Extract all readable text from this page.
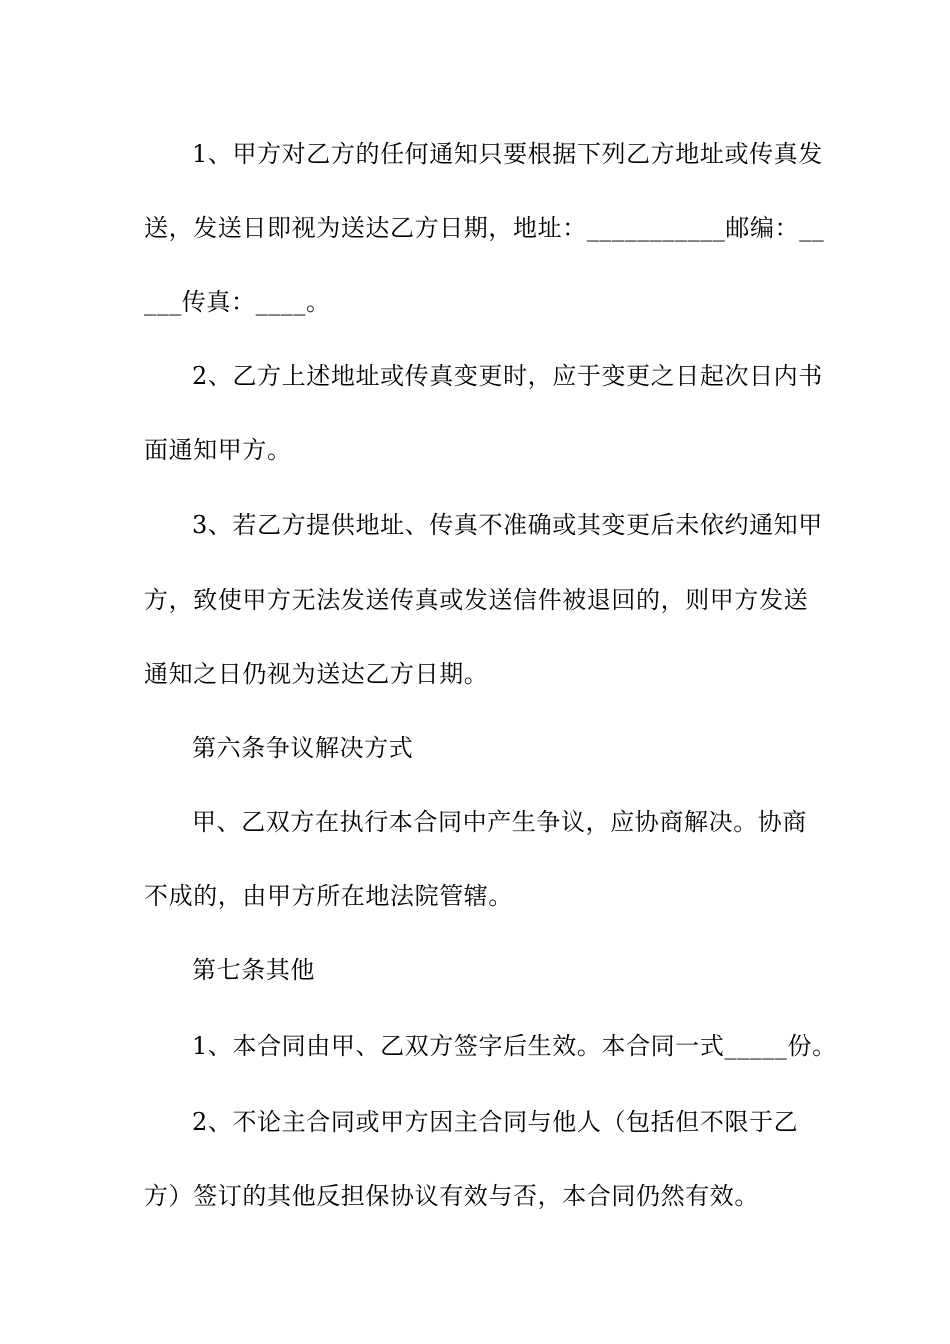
1、甲方对乙方的任何通知只要根据下列乙方地址或传真发
送，发送日即视为送达乙方日期，地址：___________邮编：__
___传真：____。
2、乙方上述地址或传真变更时，应于变更之日起次日内书
面通知甲方。
3、若乙方提供地址、传真不准确或其变更后未依约通知甲
方，致使甲方无法发送传真或发送信件被退回的，则甲方发送
通知之日仍视为送达乙方日期。
第六条争议解决方式
甲、乙双方在执行本合同中产生争议，应协商解决。协商
不成的，由甲方所在地法院管辖。
第七条其他
1、本合同由甲、乙双方签字后生效。本合同一式_____份。
2、不论主合同或甲方因主合同与他人（包括但不限于乙
方）签订的其他反担保协议有效与否，本合同仍然有效。
